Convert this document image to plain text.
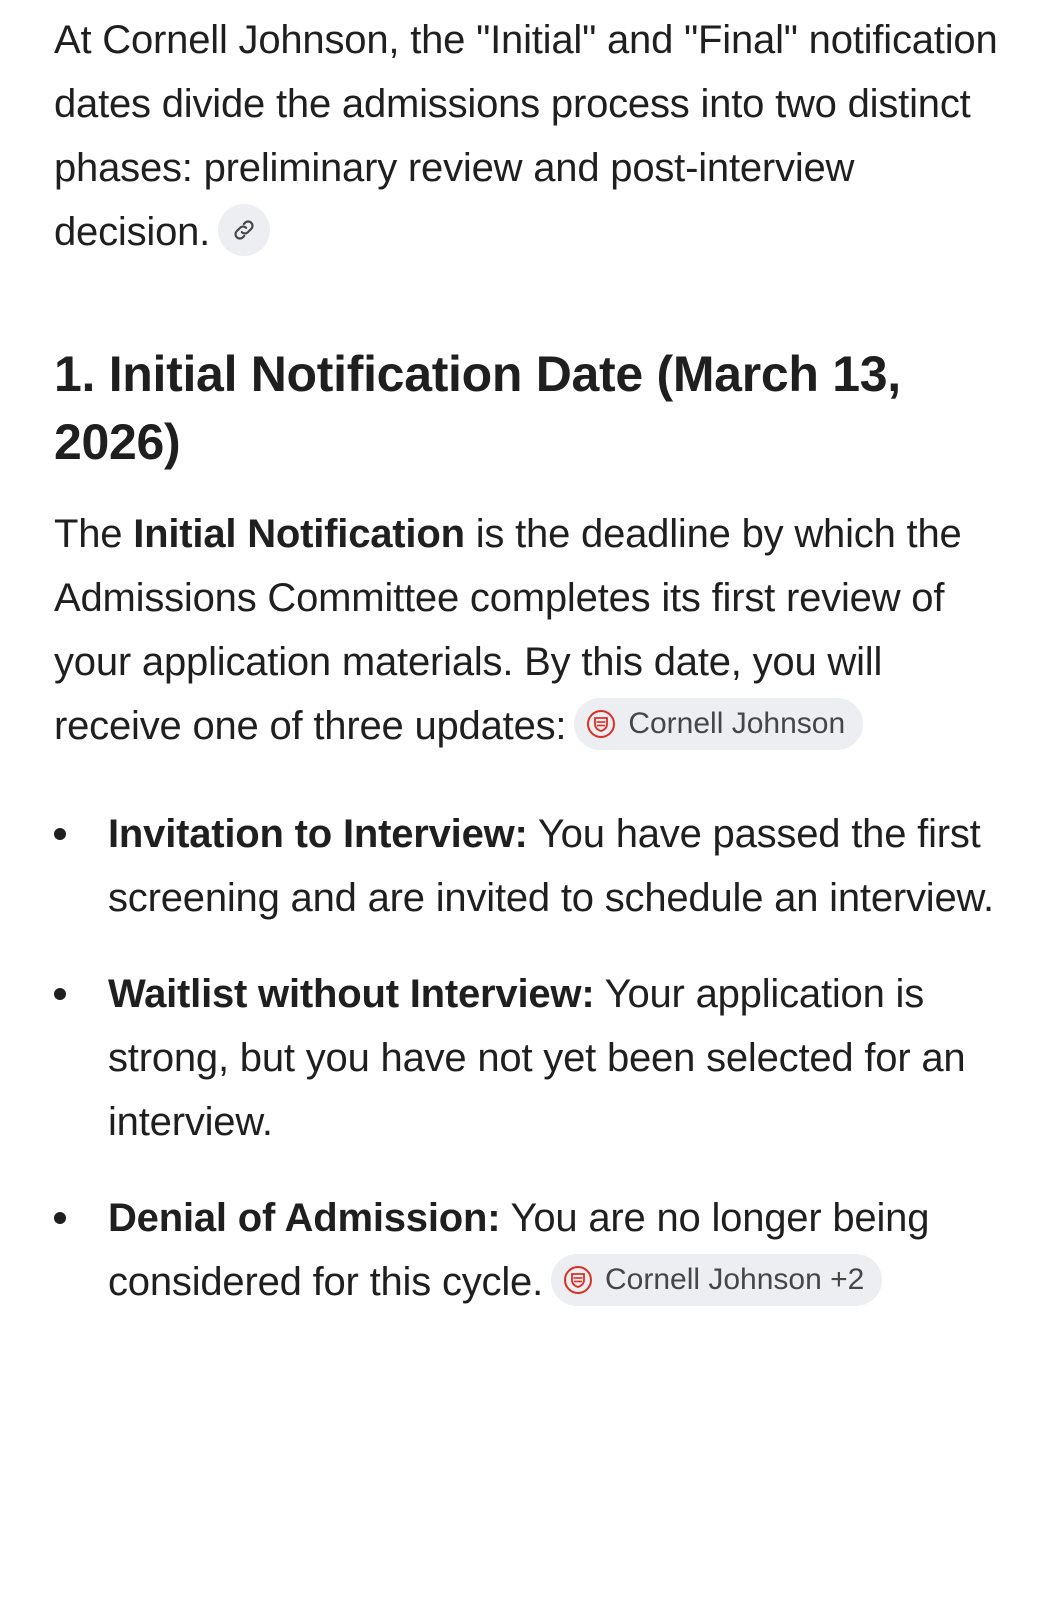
At Cornell Johnson, the "Initial" and "Final" notification dates divide the admissions process into two distinct phases: preliminary review and post-interview decision.

1. Initial Notification Date (March 13, 2026)

The Initial Notification is the deadline by which the Admissions Committee completes its first review of your application materials. By this date, you will receive one of three updates: Cornell Johnson

Invitation to Interview: You have passed the first screening and are invited to schedule an interview.
Waitlist without Interview: Your application is strong, but you have not yet been selected for an interview.
Denial of Admission: You are no longer being considered for this cycle. Cornell Johnson +2
